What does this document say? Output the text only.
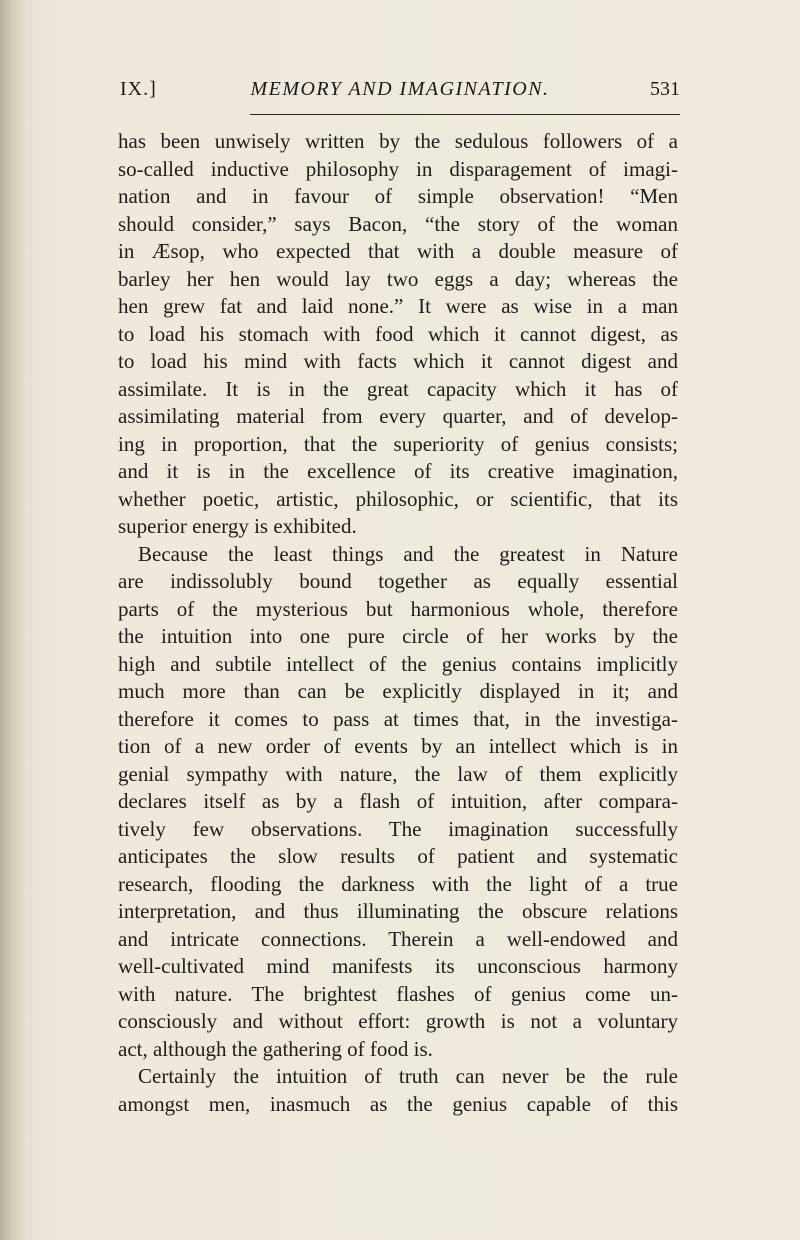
IX.]	MEMORY AND IMAGINATION.	531
has been unwisely written by the sedulous followers of a
so-called inductive philosophy in disparagement of imagi-
nation and in favour of simple observation! “Men
should consider,” says Bacon, “the story of the woman
in Æsop, who expected that with a double measure of
barley her hen would lay two eggs a day; whereas the
hen grew fat and laid none.” It were as wise in a man
to load his stomach with food which it cannot digest, as
to load his mind with facts which it cannot digest and
assimilate. It is in the great capacity which it has of
assimilating material from every quarter, and of develop-
ing in proportion, that the superiority of genius consists;
and it is in the excellence of its creative imagination,
whether poetic, artistic, philosophic, or scientific, that its
superior energy is exhibited.
Because the least things and the greatest in Nature
are indissolubly bound together as equally essential
parts of the mysterious but harmonious whole, therefore
the intuition into one pure circle of her works by the
high and subtile intellect of the genius contains implicitly
much more than can be explicitly displayed in it; and
therefore it comes to pass at times that, in the investiga-
tion of a new order of events by an intellect which is in
genial sympathy with nature, the law of them explicitly
declares itself as by a flash of intuition, after compara-
tively few observations. The imagination successfully
anticipates the slow results of patient and systematic
research, flooding the darkness with the light of a true
interpretation, and thus illuminating the obscure relations
and intricate connections. Therein a well-endowed and
well-cultivated mind manifests its unconscious harmony
with nature. The brightest flashes of genius come un-
consciously and without effort: growth is not a voluntary
act, although the gathering of food is.
Certainly the intuition of truth can never be the rule
amongst men, inasmuch as the genius capable of this
